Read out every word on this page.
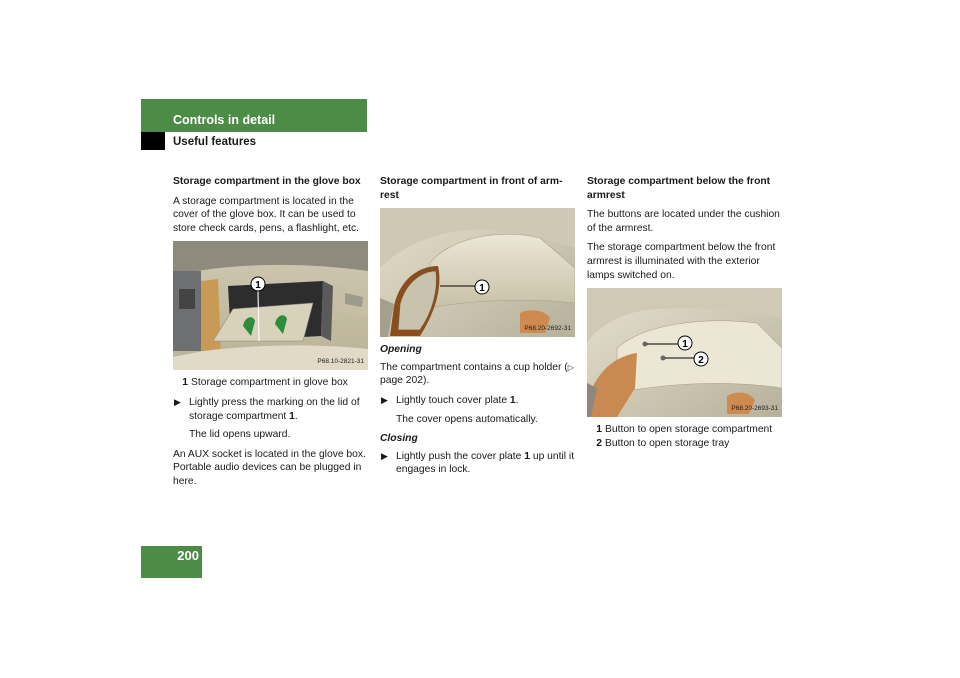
Controls in detail
Useful features

Storage compartment in the glove box

A storage compartment is located in the cover of the glove box. It can be used to store check cards, pens, a flashlight, etc.

1
P68.10-2821-31
1 Storage compartment in glove box
▶ Lightly press the marking on the lid of storage compartment 1.

The lid opens upward.

An AUX socket is located in the glove box. Portable audio devices can be plugged in here.

Storage compartment in front of arm-rest

1
P68.20-2692-31

Opening

The compartment contains a cup holder (▷ page 202).

▶ Lightly touch cover plate 1.

The cover opens automatically.

Closing

▶ Lightly push the cover plate 1 up until it engages in lock.

Storage compartment below the front armrest

The buttons are located under the cushion of the armrest.

The storage compartment below the front armrest is illuminated with the exterior lamps switched on.

1
2
P68.20-2693-31
1 Button to open storage compartment
2 Button to open storage tray
200
